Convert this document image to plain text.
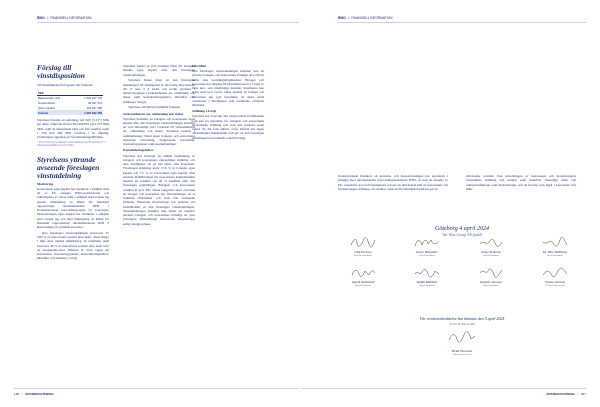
RWO // FINANSIELL INFORMATION
Förslag till vinstdisposition

Till årsstämmans förfogande står följande:

SEK	
Balanserade vinst	1 826 347 742
Överkursfond	48 937 472
Årets resultat	119 337 435
Summa	1 994 622 469

Styrelsen föreslår att utdelning om 3,00 (5,25*) SEK per aktie, vilket motsvarar 964 406 001 (412 253 850) SEK, samt att återstående vinst och fritt resultat, totalt 1 709 622 439 SEK överförs i ny räkning. Utdelningen uppdelas på två utbetalningstillfällen.

* Före justering för aktiesplit (SAS-Jakobsson) (Föregående år: 5 utbetalningstillfällen om 0,75 SEK)
Styrelsens yttrande avseende föreslagen vinstutdelning
Motivering

Koncernens egna kapital har beräknats i enlighet med de av EU antagna IFRS-standarderna och tolkningarna av dessa samt i enlighet med svensk lag genom tillämpning av Rådet för finansiell rapporterings rekommendation RFR 1 Kompletterande redovisningsregler för koncerner. Moderbolagets egna kapital har beräknats i enlighet med svensk lag och med tillämpning av Rådet för finansiell rapporterings rekommendation RFR 2 Redovisning för juridiska personer.

Den föreslagna vinstutdelningen motsvarar 47 (30) % av koncernens resultat efter skatt, vilket ligger i linje med uttalad målsättning att utdelning skall motsvara 40 % av koncernens resultat efter skatt över en konjunkturcykel. Hänsyn är även tagen till koncernens investeringsplaner, konsolideringsbehov, likviditet och ställning i övrigt.

Styrelsen funnit att full täckning finns för bolagets bundna egna kapital efter den föreslagna vinstutdelningen.

Styrelsen finner även att den föreslagna utdelningen till aktieägarna är försvarlig med hänsyn till 17 kap 3 § andra och tredje styckena i aktiebolagslagen (verksamhetens art, omfattning och risker samt konsolideringsbehov, likviditet och ställning i övrigt).

Styrelsen vill därvid framhålla följande.

Verksamhetens art, omfattning och risker

Styrelsen bedömer att bolagets och koncernens egna kapital efter den föreslagna vinstutdelningen kommer att vara tillräckligt stort i relation till verksamhetens art, omfattning och risker. Styrelsen beaktar i sammanhanget bland annat bolagets och koncernens historiska utveckling, budgeterade utveckling, investeringsplaner samt konjunkturläget.

Konsolideringsbehov

Styrelsen har företagit en allmän bedömning av bolagets och koncernens ekonomiska ställning och dess möjligheter att på sikt infria sina åtaganden. Föreslagen utdelning utgör 17,6 % av bolagets egna kapital och 7,5 % av koncernens egna kapital. Den uttalade målsättningen för koncernens kapitalstruktur innebär en soliditet om 40 % behållits efter den föreslagna utdelningen. Bolagets och koncernens soliditet är god. Mot denna bakgrund anser styrelsen att bolaget och koncernen har förutsättningar att ta framtida affärsrisker och även tåla eventuella förluster. Planerade investeringar har beaktats vid fastställandet av den föreslagna vinstutdelningen. Vinstutdelningen kommer inte heller att negativt påverka bolagets och koncernens förmåga att göra ytterligare affärsmässigt motiverade investeringar enligt antagna planer.

Likviditet

Den föreslagna vinstutdelningen kommer inte att påverka bolagets och koncernens förmåga att i rätt tid infria sina betalningsförpliktelser. Bolaget och koncernen har tillgång till likviditetsreserver i form av både kort- och långfristiga krediter. Krediterna kan lyftas med kort varsel, vilket innebär att bolaget och koncernen har god beredskap att klara såväl variationer i likviditeten som eventuella oväntade händelser.

Ställning i övrigt

Styrelsen har övervägt alla övriga kända förhållanden som kan ha betydelse för bolagets och koncernens ekonomiska ställning och som inte beaktats inom ramen för det som anförts ovan. Därvid har ingen omständighet framkommit som gör att den föreslagna utdelningen inte framstår som försvarlig.

186 // ÅRSREDOVISNING
RWO // FINANSIELL INFORMATION

Undertecknade försäkrar att koncern- och årsredovisningen har upprättats i enlighet med internationella redovisningsstandarder IFRS, så som de antagits av EU, respektive god redovisningssed och ger en rättvisande bild av koncernens och moderbolagets ställning och resultat, samt att förvaltningsberättelsen ger en

rättvisande översikt över utvecklingen av koncernens och moderbolagets verksamhet, ställning och resultat samt beskriver väsentliga risker och osäkerhetsfaktorer som moderbolaget och de företag som ingår i koncernen står inför.

Göteborg 4 april 2024
Ten West Group AB (publ)
Olof Persson
Styrelseordförande
Karin Bellander
Styrelseledamot
Jenny Eriksson
Styrelseledamot
M. Jöhn Wahlberg
Styrelseledamot
Ingrid Nisbelund
Styrelseledamot
Ralph Möldtud
Styrelseledamot
Isabelle Jansson
Styrelseledamot
Viveka Jansson
VD och koncernchef
Vår revisionsberättelse har lämnats den 5 april 2024
Ernst & Young AB
Heidi Svensson
Auktoriserad revisor
ÅRSREDOVISNING // 187
